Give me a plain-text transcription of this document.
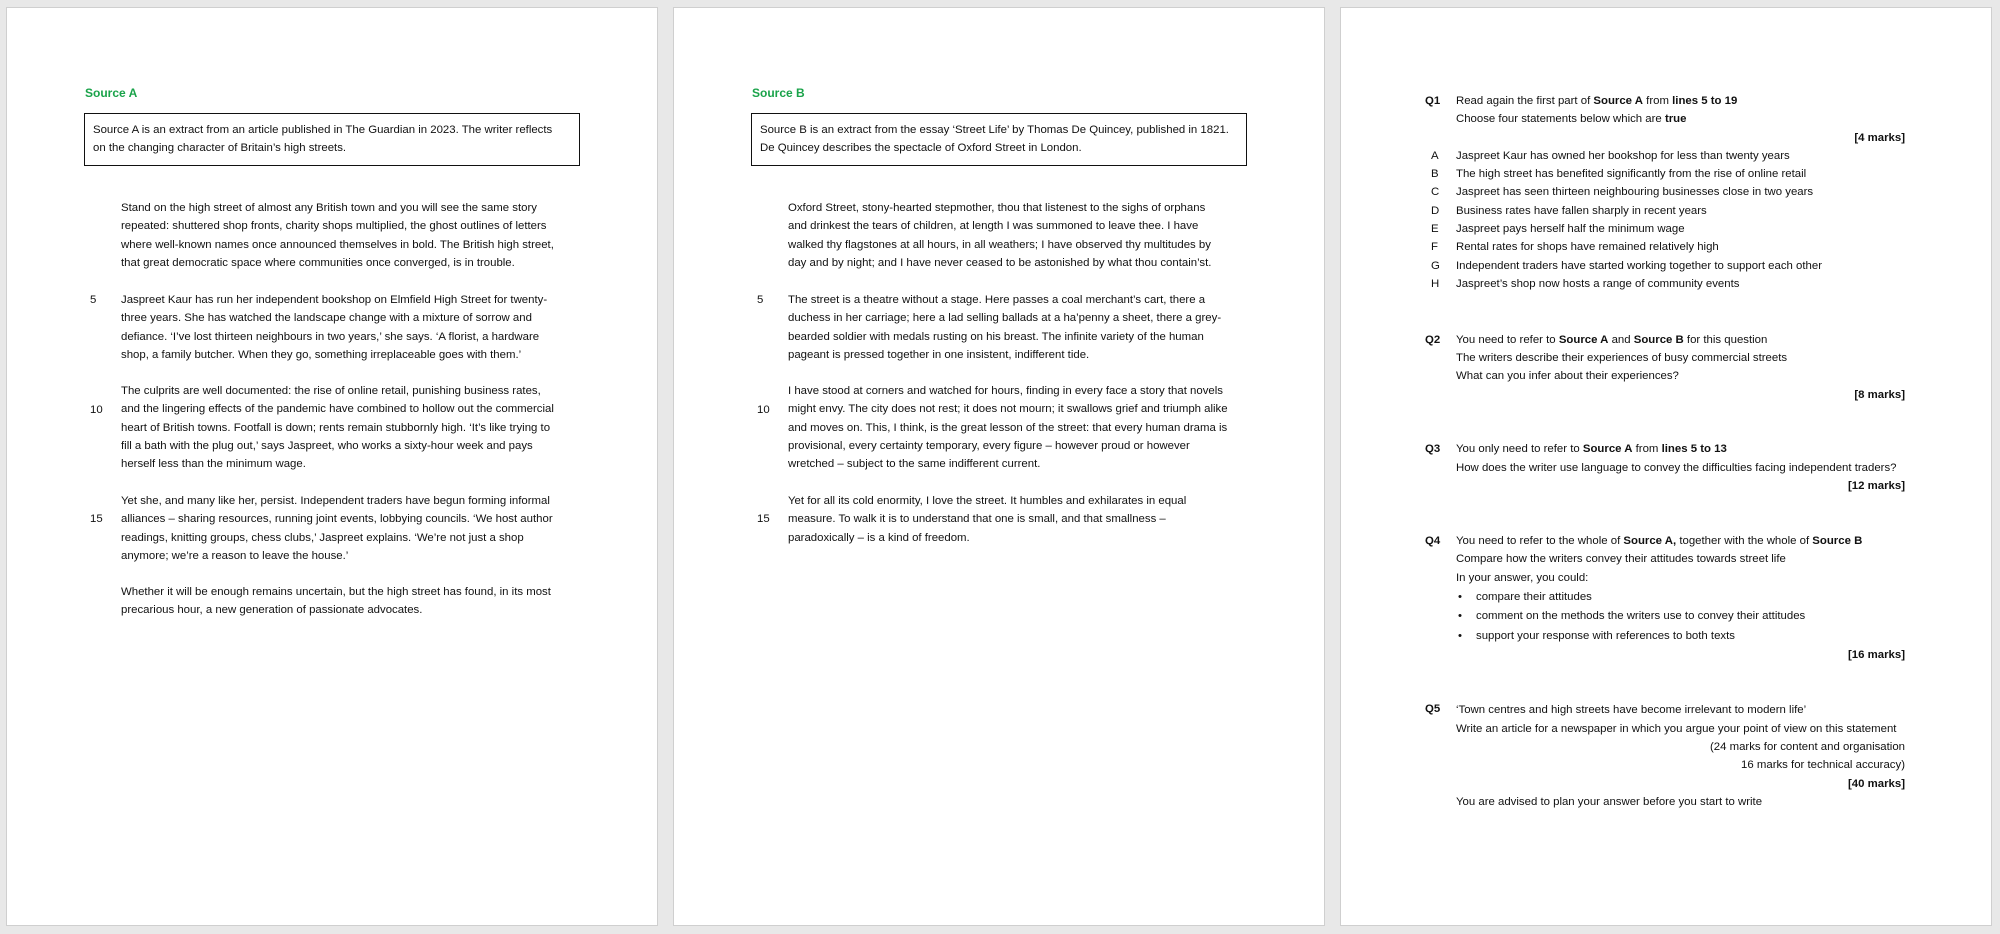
Source A
Source A is an extract from an article published in The Guardian in 2023. The writer reflects
on the changing character of Britain’s high streets.
Stand on the high street of almost any British town and you will see the same story
repeated: shuttered shop fronts, charity shops multiplied, the ghost outlines of letters
where well-known names once announced themselves in bold. The British high street,
that great democratic space where communities once converged, is in trouble.
5 Jaspreet Kaur has run her independent bookshop on Elmfield High Street for twenty-
three years. She has watched the landscape change with a mixture of sorrow and
defiance. ‘I’ve lost thirteen neighbours in two years,’ she says. ‘A florist, a hardware
shop, a family butcher. When they go, something irreplaceable goes with them.’
10
The culprits are well documented: the rise of online retail, punishing business rates,
and the lingering effects of the pandemic have combined to hollow out the commercial
heart of British towns. Footfall is down; rents remain stubbornly high. ‘It’s like trying to
fill a bath with the plug out,’ says Jaspreet, who works a sixty-hour week and pays
herself less than the minimum wage.
15
Yet she, and many like her, persist. Independent traders have begun forming informal
alliances – sharing resources, running joint events, lobbying councils. ‘We host author
readings, knitting groups, chess clubs,’ Jaspreet explains. ‘We’re not just a shop
anymore; we’re a reason to leave the house.’
Whether it will be enough remains uncertain, but the high street has found, in its most
precarious hour, a new generation of passionate advocates.
Source B
Source B is an extract from the essay ‘Street Life’ by Thomas De Quincey, published in 1821.
De Quincey describes the spectacle of Oxford Street in London.
Oxford Street, stony-hearted stepmother, thou that listenest to the sighs of orphans
and drinkest the tears of children, at length I was summoned to leave thee. I have
walked thy flagstones at all hours, in all weathers; I have observed thy multitudes by
day and by night; and I have never ceased to be astonished by what thou contain’st.
5 The street is a theatre without a stage. Here passes a coal merchant’s cart, there a
duchess in her carriage; here a lad selling ballads at a ha’penny a sheet, there a grey-
bearded soldier with medals rusting on his breast. The infinite variety of the human
pageant is pressed together in one insistent, indifferent tide.
10
I have stood at corners and watched for hours, finding in every face a story that novels
might envy. The city does not rest; it does not mourn; it swallows grief and triumph alike
and moves on. This, I think, is the great lesson of the street: that every human drama is
provisional, every certainty temporary, every figure – however proud or however
wretched – subject to the same indifferent current.
15
Yet for all its cold enormity, I love the street. It humbles and exhilarates in equal
measure. To walk it is to understand that one is small, and that smallness –
paradoxically – is a kind of freedom.
Q1 Read again the first part of Source A from lines 5 to 19
Choose four statements below which are true
[4 marks]
A Jaspreet Kaur has owned her bookshop for less than twenty years
B The high street has benefited significantly from the rise of online retail
C Jaspreet has seen thirteen neighbouring businesses close in two years
D Business rates have fallen sharply in recent years
E Jaspreet pays herself half the minimum wage
F Rental rates for shops have remained relatively high
G Independent traders have started working together to support each other
H Jaspreet’s shop now hosts a range of community events
Q2 You need to refer to Source A and Source B for this question
The writers describe their experiences of busy commercial streets
What can you infer about their experiences?
[8 marks]
Q3 You only need to refer to Source A from lines 5 to 13
How does the writer use language to convey the difficulties facing independent traders?
[12 marks]
Q4 You need to refer to the whole of Source A, together with the whole of Source B
Compare how the writers convey their attitudes towards street life
In your answer, you could:
• compare their attitudes
• comment on the methods the writers use to convey their attitudes
• support your response with references to both texts
[16 marks]
Q5 ‘Town centres and high streets have become irrelevant to modern life’
Write an article for a newspaper in which you argue your point of view on this statement
(24 marks for content and organisation
16 marks for technical accuracy)
[40 marks]
You are advised to plan your answer before you start to write
